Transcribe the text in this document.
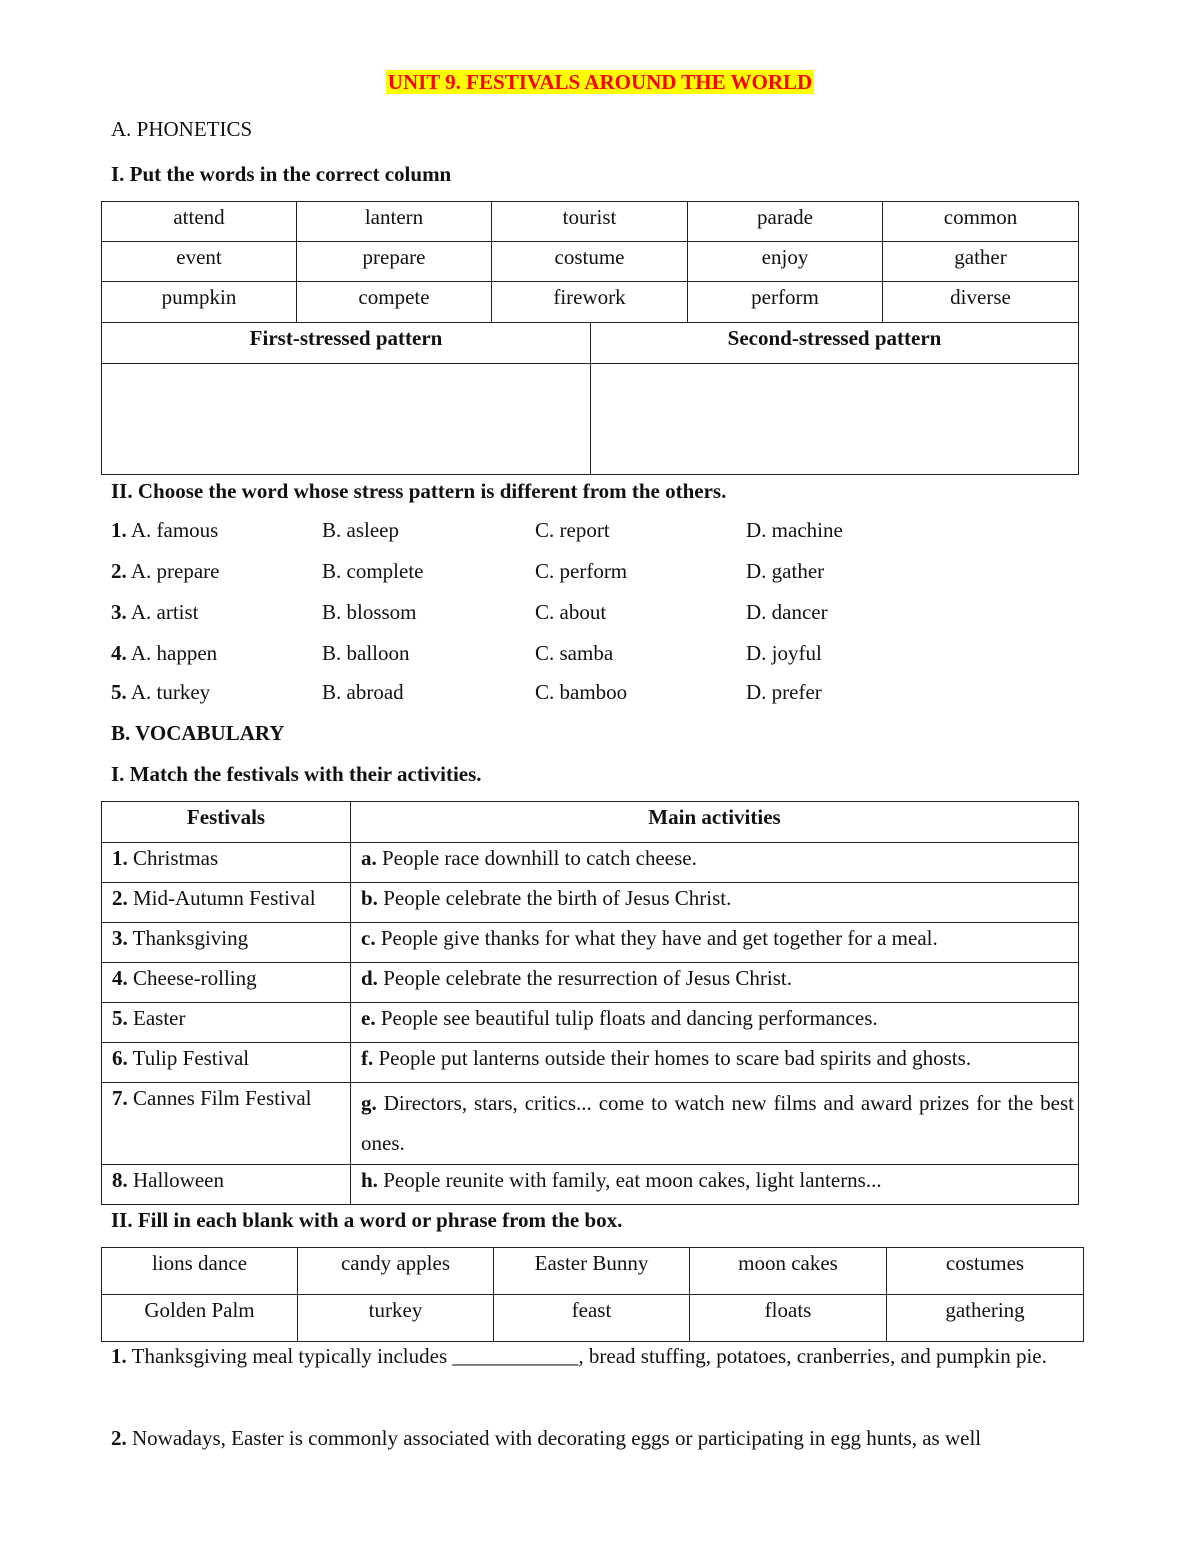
UNIT 9. FESTIVALS AROUND THE WORLD
A. PHONETICS
I. Put the words in the correct column
attend	lantern	tourist	parade	common
event	prepare	costume	enjoy	gather
pumpkin	compete	firework	perform	diverse
First-stressed pattern	Second-stressed pattern

II. Choose the word whose stress pattern is different from the others.
1. A. famous	B. asleep	C. report	D. machine
2. A. prepare	B. complete	C. perform	D. gather
3. A. artist	B. blossom	C. about	D. dancer
4. A. happen	B. balloon	C. samba	D. joyful
5. A. turkey	B. abroad	C. bamboo	D. prefer
B. VOCABULARY
I. Match the festivals with their activities.
Festivals	Main activities
1. Christmas	a. People race downhill to catch cheese.
2. Mid-Autumn Festival	b. People celebrate the birth of Jesus Christ.
3. Thanksgiving	c. People give thanks for what they have and get together for a meal.
4. Cheese-rolling	d. People celebrate the resurrection of Jesus Christ.
5. Easter	e. People see beautiful tulip floats and dancing performances.
6. Tulip Festival	f. People put lanterns outside their homes to scare bad spirits and ghosts.
7. Cannes Film Festival	g. Directors, stars, critics... come to watch new films and award prizes for the best ones.
8. Halloween	h. People reunite with family, eat moon cakes, light lanterns...
II. Fill in each blank with a word or phrase from the box.
lions dance	candy apples	Easter Bunny	moon cakes	costumes
Golden Palm	turkey	feast	floats	gathering
1. Thanksgiving meal typically includes ____________, bread stuffing, potatoes, cranberries, and pumpkin pie.
2. Nowadays, Easter is commonly associated with decorating eggs or participating in egg hunts, as well
